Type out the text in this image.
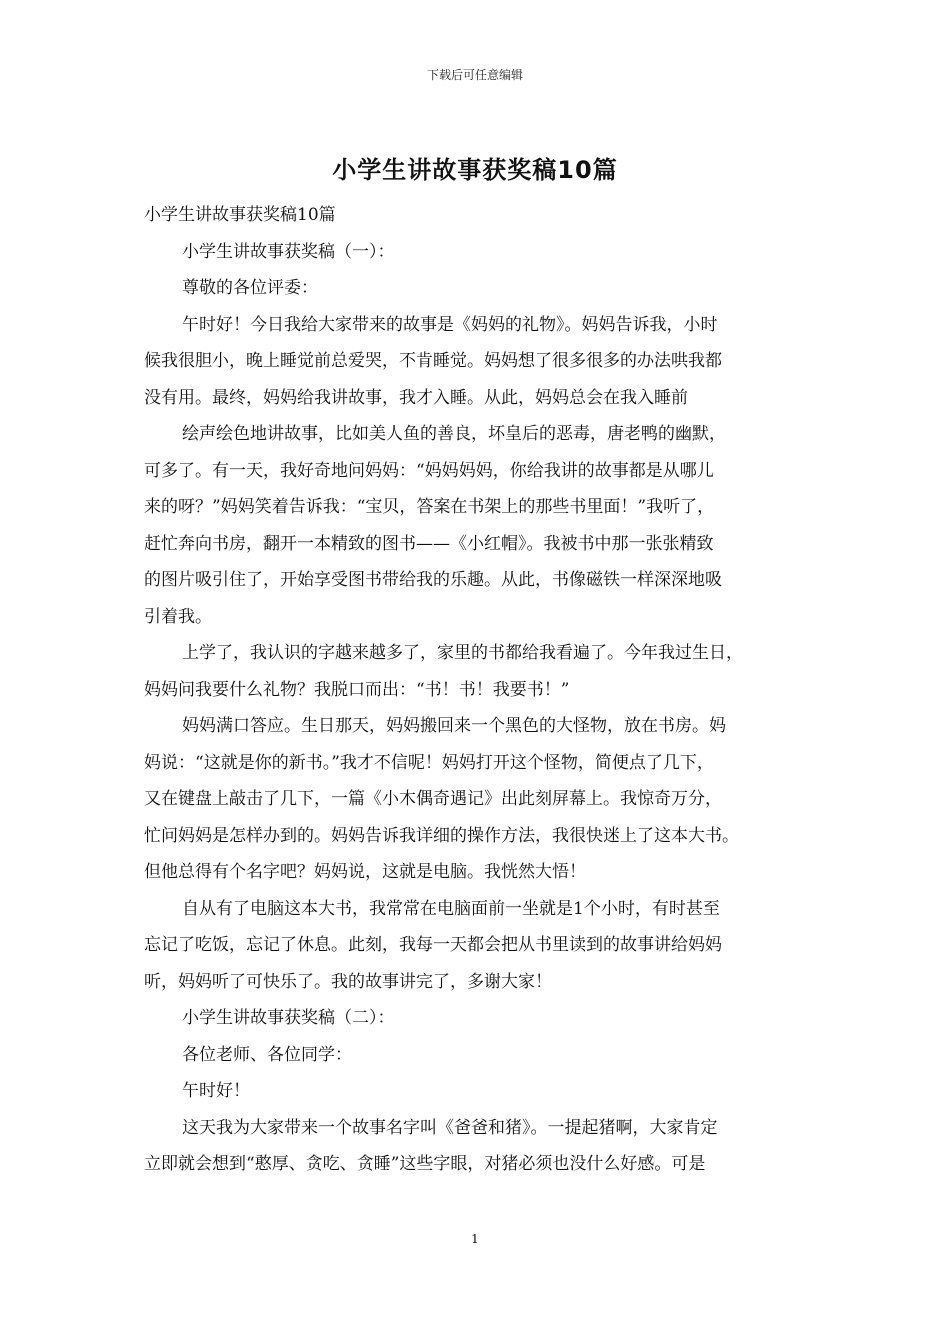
下载后可任意编辑
小学生讲故事获奖稿10篇
小学生讲故事获奖稿10篇
小学生讲故事获奖稿（一）：
尊敬的各位评委：
午时好！今日我给大家带来的故事是《妈妈的礼物》。妈妈告诉我，小时
候我很胆小，晚上睡觉前总爱哭，不肯睡觉。妈妈想了很多很多的办法哄我都
没有用。最终，妈妈给我讲故事，我才入睡。从此，妈妈总会在我入睡前
绘声绘色地讲故事，比如美人鱼的善良，坏皇后的恶毒，唐老鸭的幽默，
可多了。有一天，我好奇地问妈妈：“妈妈妈妈，你给我讲的故事都是从哪儿
来的呀？”妈妈笑着告诉我：“宝贝，答案在书架上的那些书里面！”我听了，
赶忙奔向书房，翻开一本精致的图书——《小红帽》。我被书中那一张张精致
的图片吸引住了，开始享受图书带给我的乐趣。从此，书像磁铁一样深深地吸
引着我。
上学了，我认识的字越来越多了，家里的书都给我看遍了。今年我过生日，
妈妈问我要什么礼物？我脱口而出：“书！书！我要书！”
妈妈满口答应。生日那天，妈妈搬回来一个黑色的大怪物，放在书房。妈
妈说：“这就是你的新书。”我才不信呢！妈妈打开这个怪物，简便点了几下，
又在键盘上敲击了几下，一篇《小木偶奇遇记》出此刻屏幕上。我惊奇万分，
忙问妈妈是怎样办到的。妈妈告诉我详细的操作方法，我很快迷上了这本大书。
但他总得有个名字吧？妈妈说，这就是电脑。我恍然大悟！
自从有了电脑这本大书，我常常在电脑面前一坐就是1个小时，有时甚至
忘记了吃饭，忘记了休息。此刻，我每一天都会把从书里读到的故事讲给妈妈
听，妈妈听了可快乐了。我的故事讲完了，多谢大家！
小学生讲故事获奖稿（二）：
各位老师、各位同学：
午时好！
这天我为大家带来一个故事名字叫《爸爸和猪》。一提起猪啊，大家肯定
立即就会想到“憨厚、贪吃、贪睡”这些字眼，对猪必须也没什么好感。可是
1
